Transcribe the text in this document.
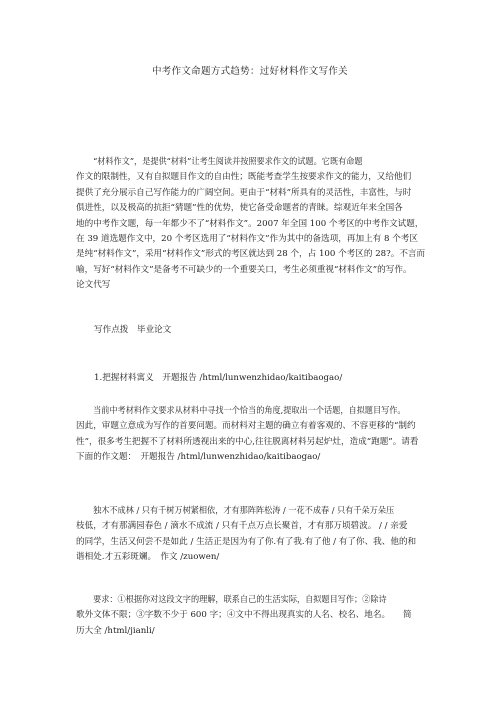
中考作文命题方式趋势：过好材料作文写作关
“材料作文”，是提供“材料”让考生阅读并按照要求作文的试题。它既有命题
作文的限制性，又有自拟题目作文的自由性；既能考查学生按要求作文的能力，又给他们
提供了充分展示自己写作能力的广阔空间。更由于“材料”所具有的灵活性，丰富性，与时
俱进性，以及极高的抗拒“猜题”性的优势，使它备受命题者的青睐。综观近年来全国各
地的中考作文题，每一年都少不了“材料作文”。2007 年全国 100 个考区的中考作文试题，
在 39 道选题作文中，20 个考区选用了“材料作文”作为其中的备选项，再加上有 8 个考区
是纯“材料作文”，采用“材料作文”形式的考区就达到 28 个，占 100 个考区的 28?。不言而
喻，写好“材料作文”是备考不可缺少的一个重要关口，考生必须重视“材料作文”的写作。
论文代写
写作点拨　毕业论文
1.把握材料寓义　开题报告 /html/lunwenzhidao/kaitibaogao/
当前中考材料作文要求从材料中寻找一个恰当的角度,提取出一个话题，自拟题目写作。
因此，审题立意成为写作的首要问题。而材料对主题的确立有着客观的、不容更移的“制约
性”，很多考生把握不了材料所透视出来的中心,往往脱离材料另起炉灶，造成“跑题”。请看
下面的作文题：　开题报告 /html/lunwenzhidao/kaitibaogao/
独木不成林 / 只有千树万树紧相依，才有那阵阵松涛 / 一花不成春 / 只有千朵万朵压
枝低，才有那满园春色 / 滴水不成流 / 只有千点万点长聚首，才有那万顷碧波。 / / 亲爱
的同学，生活又何尝不是如此 / 生活正是因为有了你.有了我.有了他 / 有了你、我、他的和
谐相处.才五彩斑斓。　作文 /zuowen/
要求：①根据你对这段文字的理解，联系自己的生活实际，自拟题目写作；②除诗
歌外文体不限；③字数不少于 600 字；④文中不得出现真实的人名、校名、地名。　　简
历大全 /html/jianli/
